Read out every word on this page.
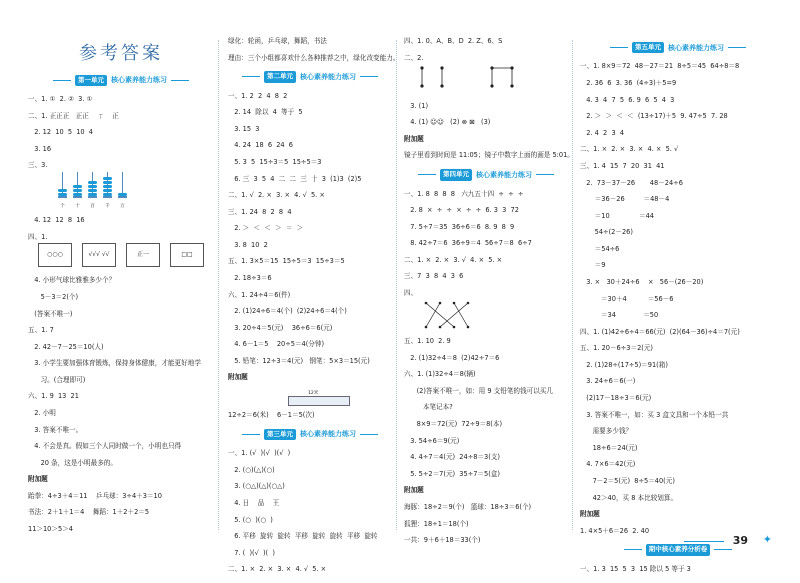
参考答案
第一单元	核心素养能力练习
一、1. ①  2. ②  3. ①
二、1. 正正正   正正    ㄒ    正
2. 12  10  5  10  4
3. 16
三、3.
个	十	百	千	万
4. 12  12  8  16
四、1.
○○○	√√√ √√	正一	□□
4. 小形气球比雅雅多少个？
5－3＝2(个)
(答案不唯一)
五、1. 7
2. 42－7－25＝10(人)
3. 小学生要加强体育锻炼，保持身体健康，才能更好地学
习。(合理即可)
六、1. 9  13  21
2. 小明
3. 答案不唯一。
4. 不会是真。假如三个人同时做一个，小明也只得
20 条，这是小明最多的。
附加题
跆拳：4÷3＋4＝11    乒乓球：3÷4＋3＝10
书法：2＋1＋1＝4    舞蹈：1＋2＋2＝5
11＞10＞5＞4
绿化：轮函，乒乓球，舞蹈，书法
理由：三个小组都喜欢什么各种推荐之中，绿化改变能力。
第二单元	核心素养能力练习
一、1. 2  2  4  8  2
2. 14  除以  4  等于  5
3. 15  3
4. 24  18  6  24  6
5. 3  5  15÷3＝5  15÷5＝3
6. 三  3  5  4  二  二  三  十  3  (1)3  (2)5
二、1. √  2. ×  3. ×  4. √  5. ×
三、1. 24  8  2  8  4
2. ＞  ＜  ＜  ＞  ＝  ＞
3. 8  10  2
五、1. 3×5＝15  15÷5＝3  15÷3＝5
2. 18÷3＝6
六、1. 24÷4＝6(件)
2. (1)24÷6＝4(个)  (2)24÷6＝4(个)
3. 20÷4＝5(元)    36÷6＝6(元)
4. 6－1＝5    20÷5＝4(分钟)
5. 铅笔：12÷3＝4(元)   钢笔：5×3＝15(元)
附加题
12米
12÷2＝6(米)    6－1＝5(次)
第三单元	核心素养能力练习
一、1. (√  )(√  )(√  )
2. (○)(△)(○)
3. (○△)(△)(○△)
4. 日    品    王
5. (○  )(○  )
6. 平移  旋转  旋转  平移  旋转  旋转  平移  旋转
7. (  )(√  )(  )
二、1. ×  2. ×  3. ×  4. √  5. ×
四、1. 0、A、B、D  2. Z、6、S
二、2.
3. (1)
4. (1) ☺☺   (2) ⊗ ⊠   (3)
附加题
镜子里看到时间是 11:05；镜子中数字上面的画是 5:01。
第四单元	核心素养能力练习
一、1. 8  8  8  8   六九五十四  ÷  ÷  ÷
2. 8  ×  ÷  ÷  ×  ÷  ÷  6. 3  3  72
7. 5÷7＝35  36÷6＝6  8. 9  8  9
8. 42÷7＝6  36÷9＝4  56÷7＝8  6÷7
二、1. ×  2. ×  3. √  4. ×  5. ×
三、7  3  8  4  3  6
四、
五、1. 10  2. 9
2. (1)32÷4＝8  (2)42÷7＝6
六、1. (1)32÷4＝8(辆)
(2)答案不唯一，如：用 9 支铅笔的钱可以买几
本笔记本?
8×9＝72(元)  72÷9＝8(本)
3. 54÷6＝9(元)
4. 4÷7＝4(元)  24÷8＝3(支)
5. 5÷2＝7(元)  35÷7＝5(盒)
附加题
海豚：18÷2＝9(个)   篮球：18÷3＝6(个)
狐狸：18÷1＝18(个)
一共：9＋6＋18＝33(个)
第五单元	核心素养能力练习
一、1. 8×9＝72  48－27＝21  8÷5＝45  64÷8＝8
2. 36  6  3. 36  (4÷3)＋5=9
4. 3  4  7  5  6. 9  6  5  4  3
2. ＞  ＞  ＜  ＜  (13÷17)＋5  9. 47÷5  7. 28
2. 4  2  3  4
二、1. ×  2. ×  3. ×  4. ×  5. √
三、1. 4  15  7  20  31  41
2.  73－37－26       48－24÷6
＝36－26         ＝48－4
＝10              ＝44
54÷(2－26)
＝54÷6
＝9
3. ×   30＋24÷6    ×   56－(26－20)
＝30＋4          ＝56－6
＝34             ＝50
四、1. (1)42÷6÷4＝66(元)  (2)(64－36)÷4＝7(元)
五、1. 20－6÷3＝2(元)
2. (1)28÷(17÷5)＝91(箱)
3. 24÷6＝6(一)
(2)17－18÷3＝6(元)
3. 答案不唯一，如：买 3 盒文具和一个本铅一共
需要多少钱？
18÷6＝24(元)
4. 7×6＝42(元)
7－2＝5(元)  8÷5＝40(元)
42＞40，买 8 本比较划算。
附加题
1. 4×5＋6＝26  2. 40
期中核心素养分析卷
一、1. 3  15  5  3  15 除以 5 等于 3
39 ✦
